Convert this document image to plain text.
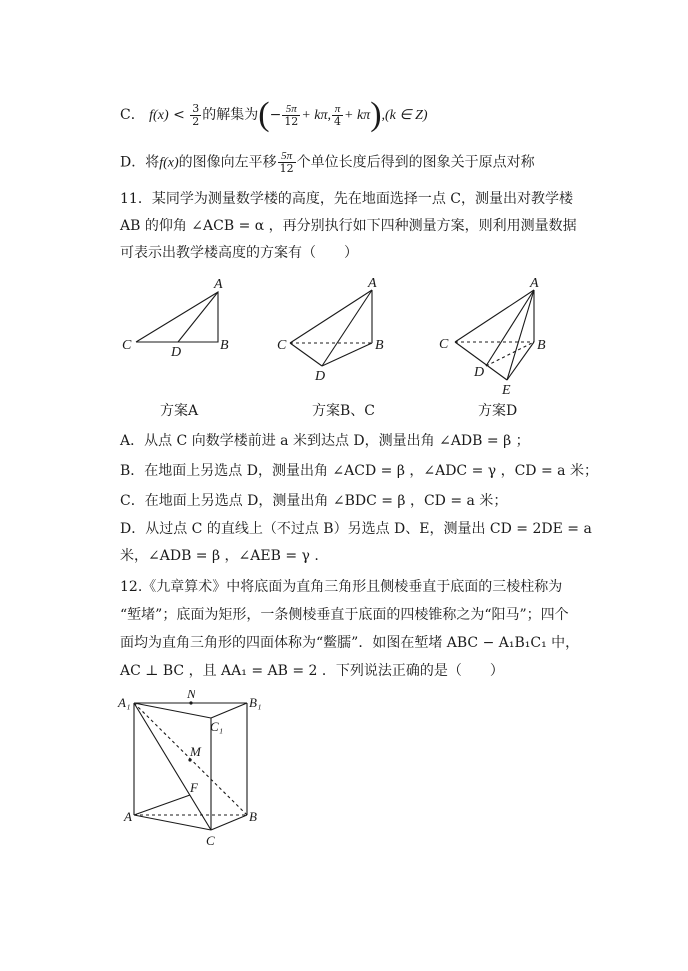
C． $f(x) < \frac{3}{2}$ 的解集为(− $\frac{5\pi}{12} + k\pi$, $\frac{\pi}{4} + k\pi),(k$ ∈ Z)
D．将f(x)的图像向左平移 $\frac{5\pi}{12}$ 个单位长度后得到的图象关于原点对称
11．某同学为测量数学楼的高度，先在地面选择一点 C，测量出对教学楼
AB 的仰角 ∠ACB = α ，再分别执行如下四种测量方案，则利用测量数据
可表示出教学楼高度的方案有（　　）
A
C	D	B
A
C	B
D
A
C	B
D
E
方案A	方案B、C	方案D
A．从点 C 向数学楼前进 a 米到达点 D，测量出角 ∠ADB = β ；
B．在地面上另选点 D，测量出角 ∠ACD = β ，∠ADC = γ ，CD = a 米；
C．在地面上另选点 D，测量出角 ∠BDC = β ，CD = a 米；
D．从过点 C 的直线上（不过点 B）另选点 D、E，测量出 CD = 2DE = a
米，∠ADB = β ，∠AEB = γ .
12.《九章算术》中将底面为直角三角形且侧棱垂直于底面的三棱柱称为
“堑堵”；底面为矩形，一条侧棱垂直于底面的四棱锥称之为“阳马”；四个
面均为直角三角形的四面体称为“鳖臑”．如图在堑堵 ABC − A₁B₁C₁ 中，
AC ⊥ BC ，且 AA₁ = AB = 2 ．下列说法正确的是（　　）
A₁
N
B₁
C₁
M
F
A	B
C
